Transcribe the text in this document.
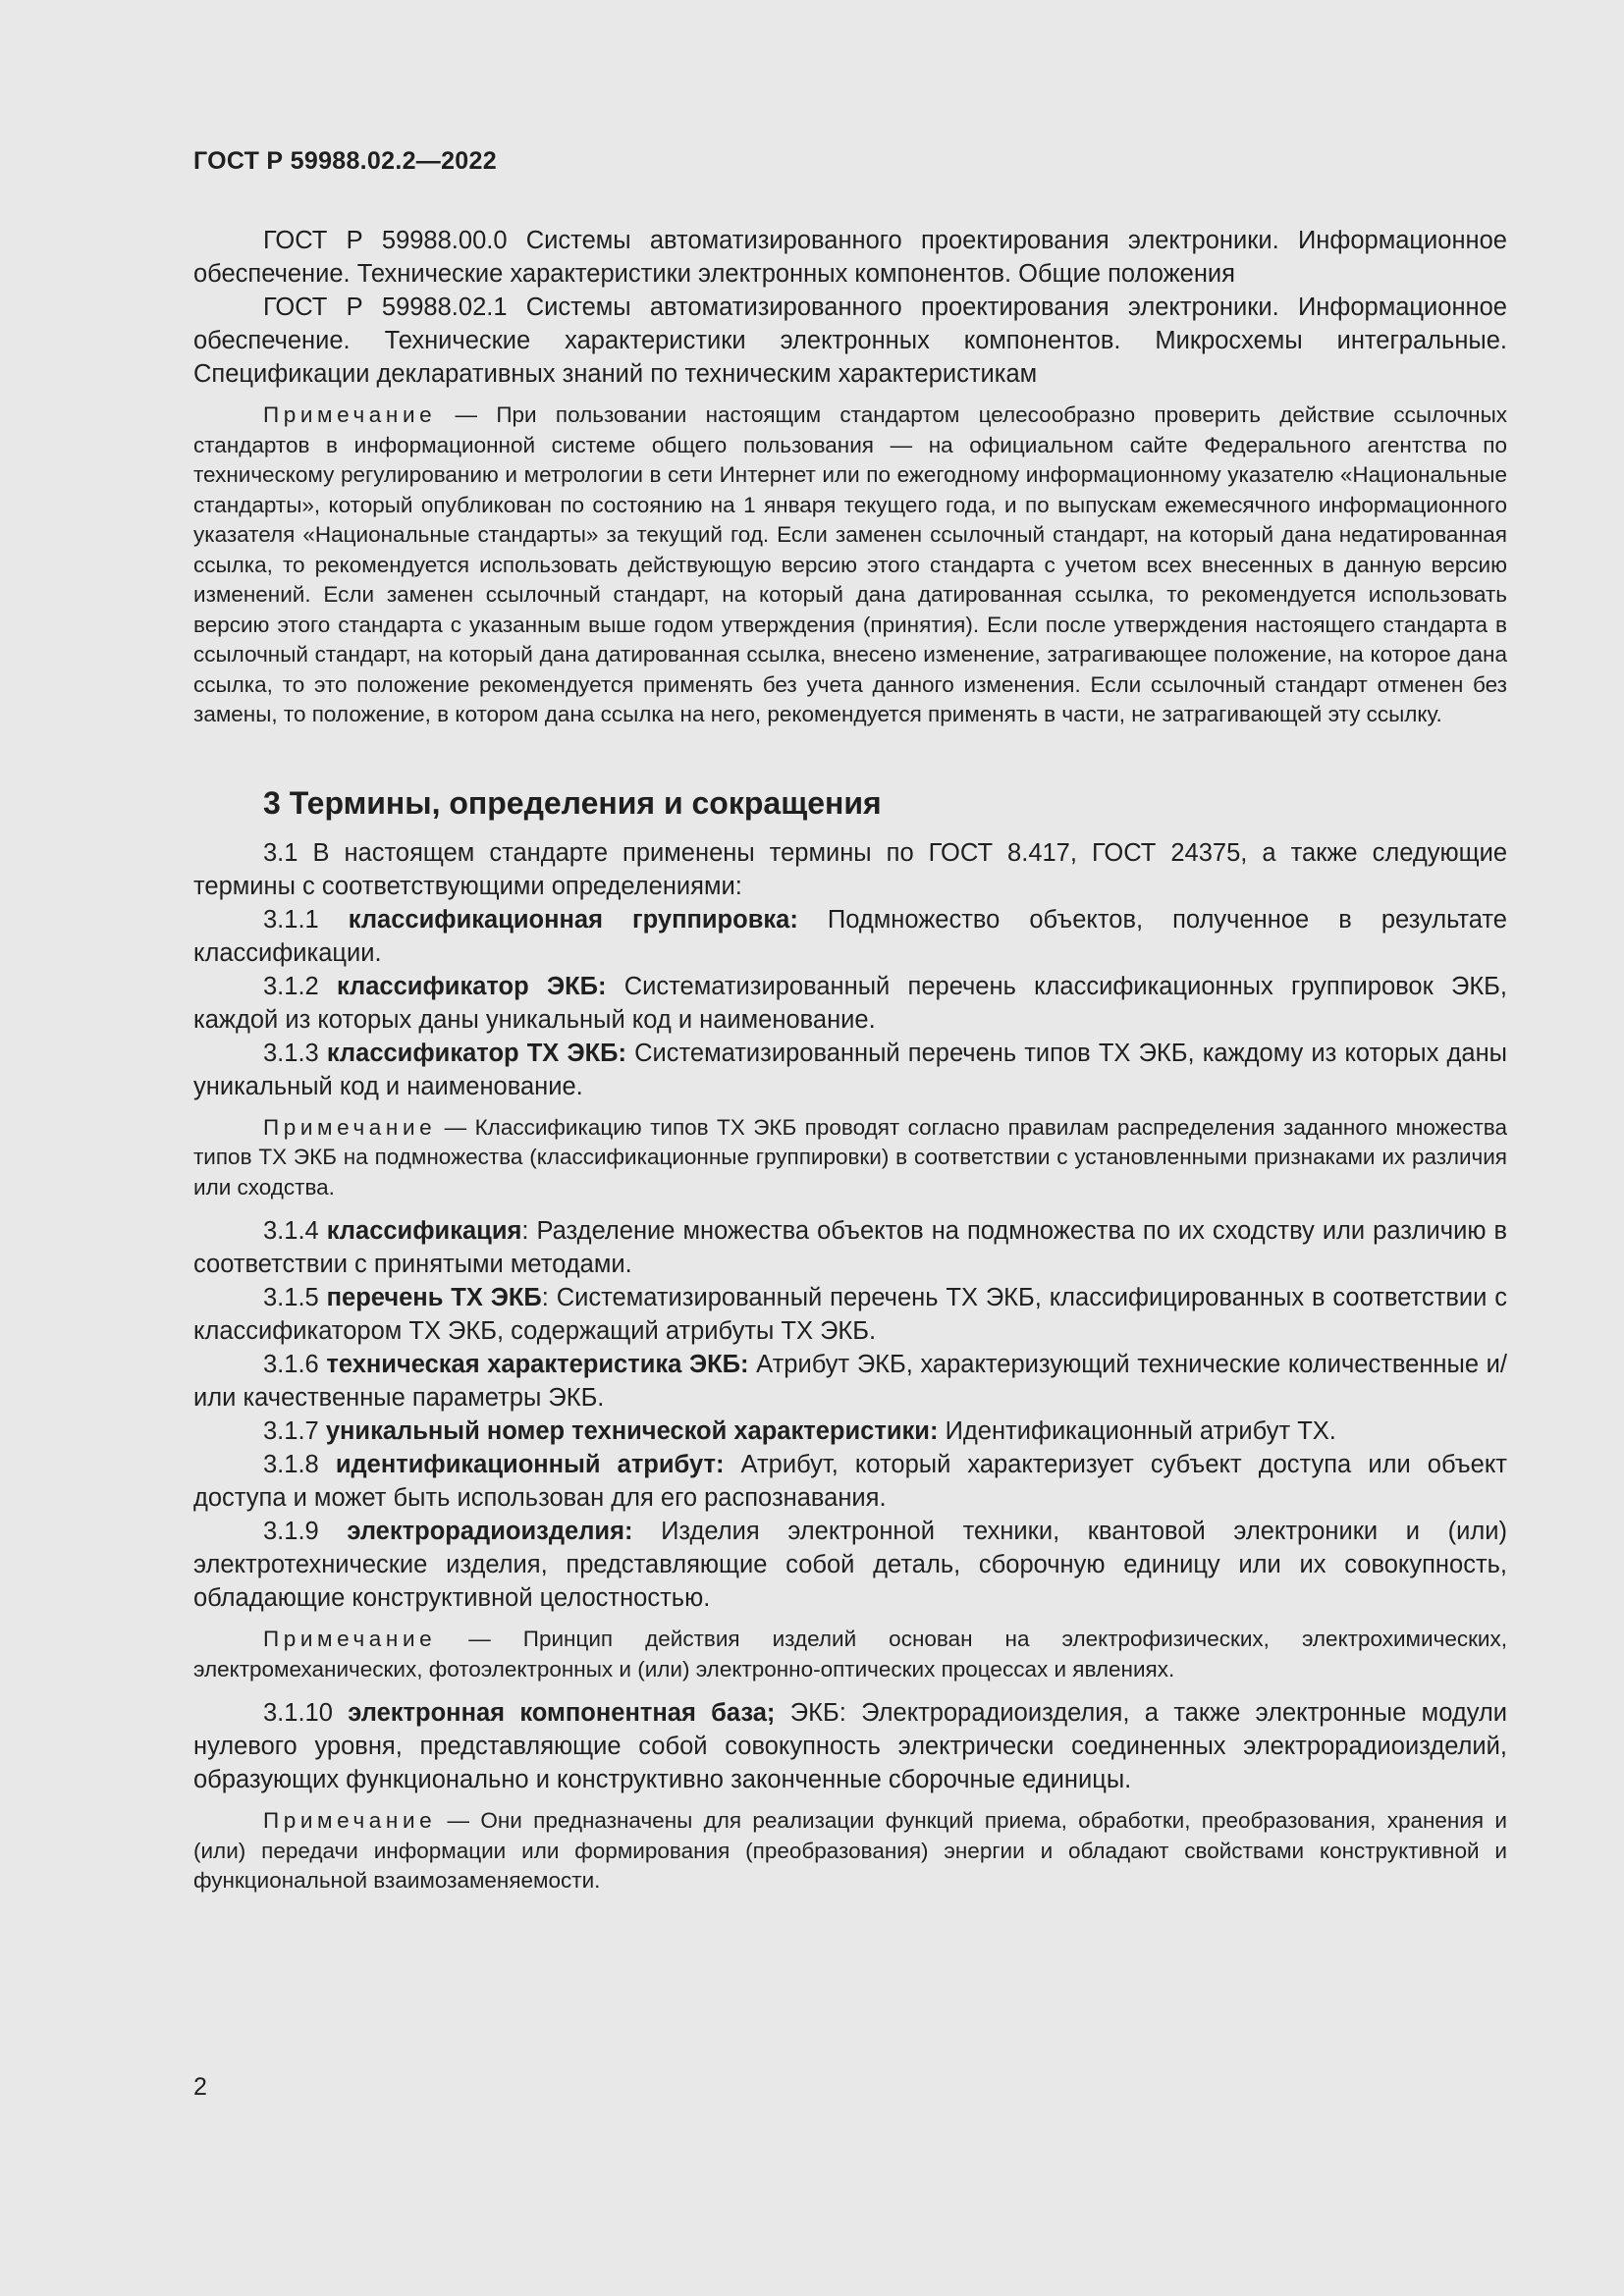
ГОСТ Р 59988.02.2—2022

ГОСТ Р 59988.00.0 Системы автоматизированного проектирования электроники. Информационное обеспечение. Технические характеристики электронных компонентов. Общие положения

ГОСТ Р 59988.02.1 Системы автоматизированного проектирования электроники. Информационное обеспечение. Технические характеристики электронных компонентов. Микросхемы интегральные. Спецификации декларативных знаний по техническим характеристикам

Примечание — При пользовании настоящим стандартом целесообразно проверить действие ссылочных стандартов в информационной системе общего пользования — на официальном сайте Федерального агентства по техническому регулированию и метрологии в сети Интернет или по ежегодному информационному указателю «Национальные стандарты», который опубликован по состоянию на 1 января текущего года, и по выпускам ежемесячного информационного указателя «Национальные стандарты» за текущий год. Если заменен ссылочный стандарт, на который дана недатированная ссылка, то рекомендуется использовать действующую версию этого стандарта с учетом всех внесенных в данную версию изменений. Если заменен ссылочный стандарт, на который дана датированная ссылка, то рекомендуется использовать версию этого стандарта с указанным выше годом утверждения (принятия). Если после утверждения настоящего стандарта в ссылочный стандарт, на который дана датированная ссылка, внесено изменение, затрагивающее положение, на которое дана ссылка, то это положение рекомендуется применять без учета данного изменения. Если ссылочный стандарт отменен без замены, то положение, в котором дана ссылка на него, рекомендуется применять в части, не затрагивающей эту ссылку.

3 Термины, определения и сокращения

3.1 В настоящем стандарте применены термины по ГОСТ 8.417, ГОСТ 24375, а также следующие термины с соответствующими определениями:

3.1.1 классификационная группировка: Подмножество объектов, полученное в результате классификации.

3.1.2 классификатор ЭКБ: Систематизированный перечень классификационных группировок ЭКБ, каждой из которых даны уникальный код и наименование.

3.1.3 классификатор ТХ ЭКБ: Систематизированный перечень типов ТХ ЭКБ, каждому из которых даны уникальный код и наименование.

Примечание — Классификацию типов ТХ ЭКБ проводят согласно правилам распределения заданного множества типов ТХ ЭКБ на подмножества (классификационные группировки) в соответствии с установленными признаками их различия или сходства.

3.1.4 классификация: Разделение множества объектов на подмножества по их сходству или различию в соответствии с принятыми методами.

3.1.5 перечень ТХ ЭКБ: Систематизированный перечень ТХ ЭКБ, классифицированных в соответствии с классификатором ТХ ЭКБ, содержащий атрибуты ТХ ЭКБ.

3.1.6 техническая характеристика ЭКБ: Атрибут ЭКБ, характеризующий технические количественные и/или качественные параметры ЭКБ.

3.1.7 уникальный номер технической характеристики: Идентификационный атрибут ТХ.

3.1.8 идентификационный атрибут: Атрибут, который характеризует субъект доступа или объект доступа и может быть использован для его распознавания.

3.1.9 электрорадиоизделия: Изделия электронной техники, квантовой электроники и (или) электротехнические изделия, представляющие собой деталь, сборочную единицу или их совокупность, обладающие конструктивной целостностью.

Примечание — Принцип действия изделий основан на электрофизических, электрохимических, электромеханических, фотоэлектронных и (или) электронно-оптических процессах и явлениях.

3.1.10 электронная компонентная база; ЭКБ: Электрорадиоизделия, а также электронные модули нулевого уровня, представляющие собой совокупность электрически соединенных электрорадиоизделий, образующих функционально и конструктивно законченные сборочные единицы.

Примечание — Они предназначены для реализации функций приема, обработки, преобразования, хранения и (или) передачи информации или формирования (преобразования) энергии и обладают свойствами конструктивной и функциональной взаимозаменяемости.

2
